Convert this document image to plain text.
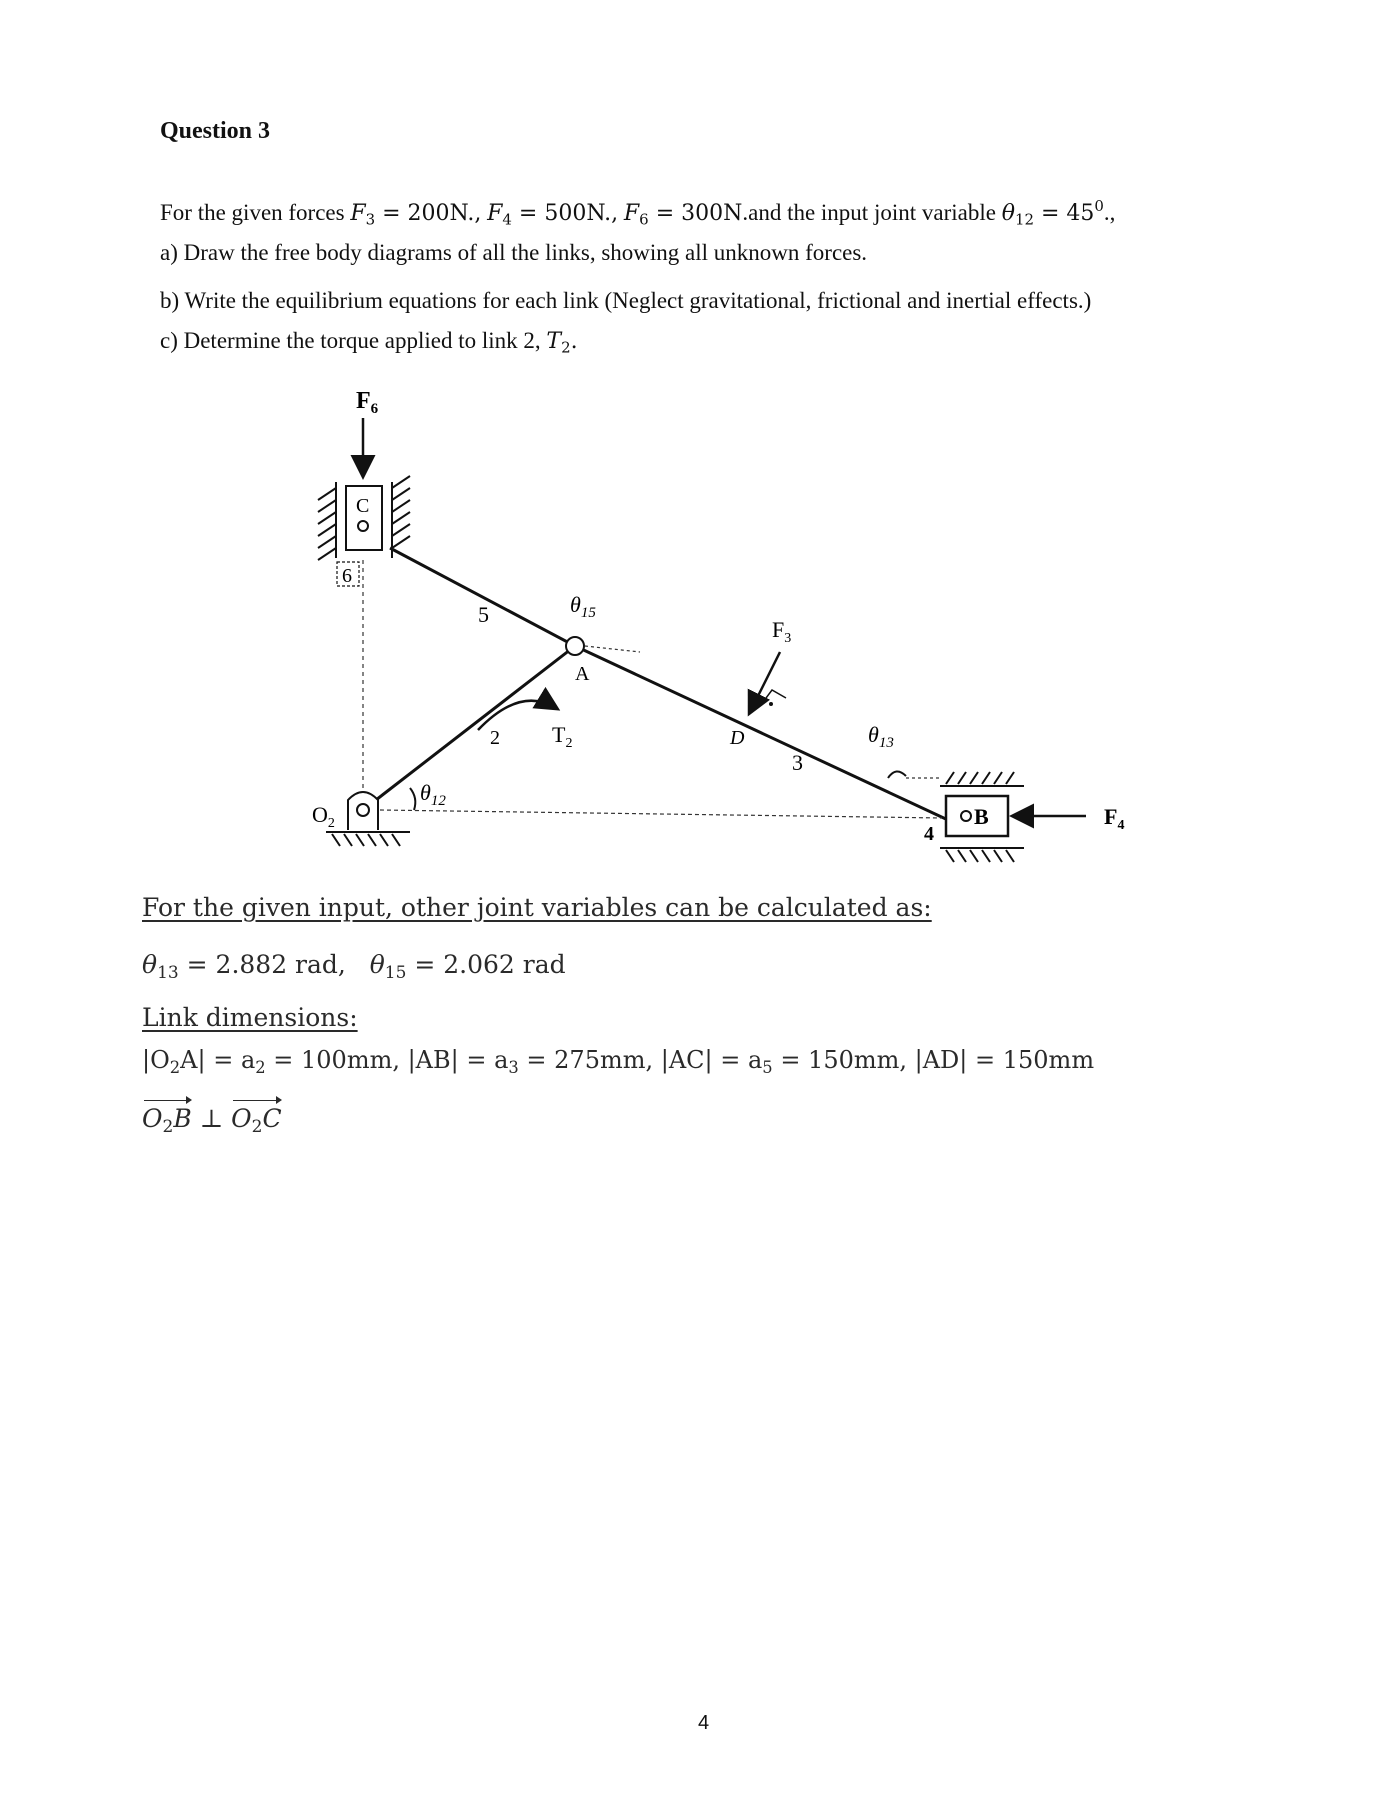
Question 3
For the given forces $F_3 = 200N$., $F_4 = 500N$., $F_6 = 300N.and$ the input joint variable $\theta_{12} = 45^0$.,
a) Draw the free body diagrams of all the links, showing all unknown forces.
b) Write the equilibrium equations for each link (Neglect gravitational, frictional and inertial effects.)
c) Determine the torque applied to link 2, $T_2$.
$F_6$
C
6
A
5	$\theta_{15}$
$F_3$
D	$\theta_{13}$
3
2 $T_2$
$O_2$
$\theta_{12}$
B
4
$F_4$
For the given input, other joint variables can be calculated as:
$\theta_{13} = 2.882$ rad, $\theta_{15} = 2.062$ rad
Link dimensions:
$|O_2A| = a_2 = 100mm$, $|AB| = a_3 = 275mm$, $|AC| = a_5 = 150mm$, |AD| = 150mm
$O_2B$ ⊥ $O_2C$
4
